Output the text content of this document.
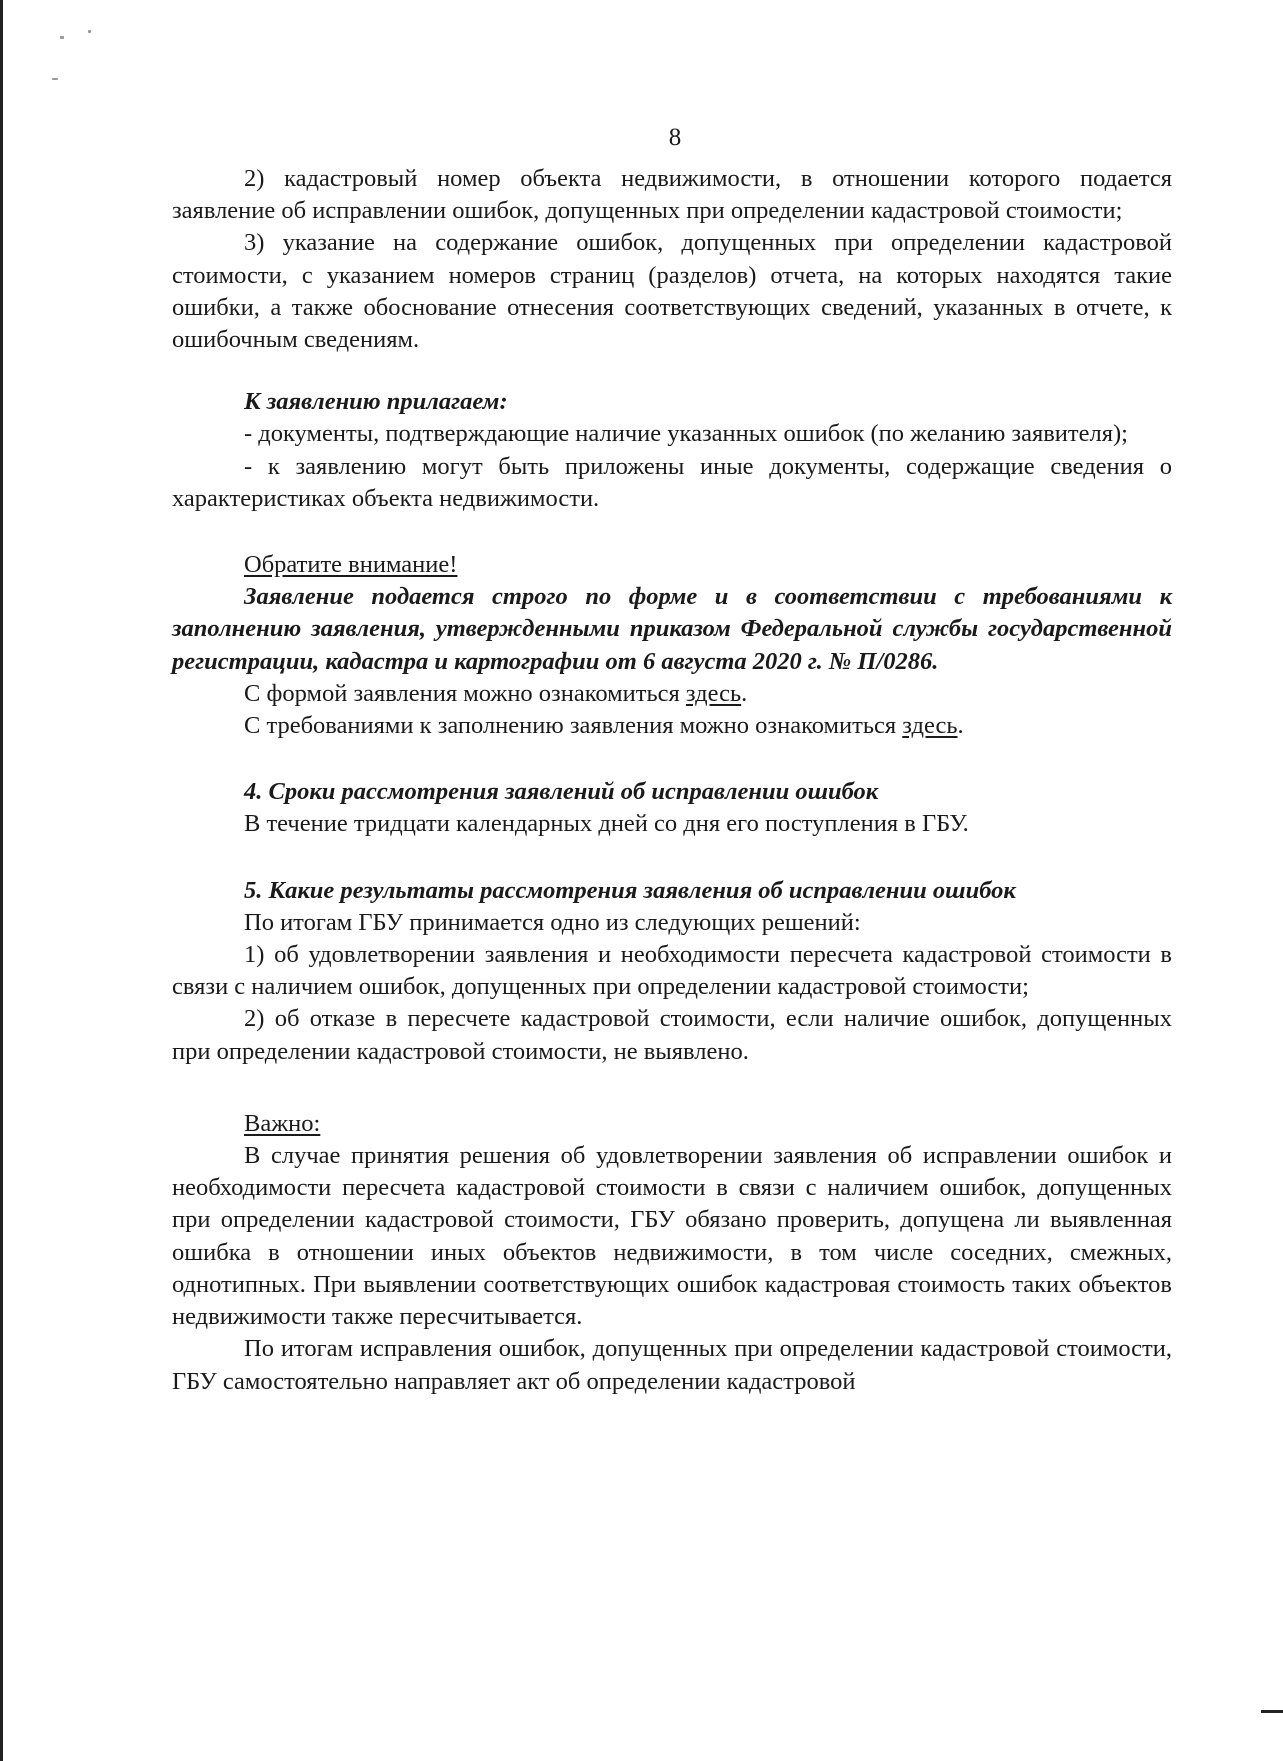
8

2) кадастровый номер объекта недвижимости, в отношении которого подается заявление об исправлении ошибок, допущенных при определении кадастровой стоимости;

3) указание на содержание ошибок, допущенных при определении кадастровой стоимости, с указанием номеров страниц (разделов) отчета, на которых находятся такие ошибки, а также обоснование отнесения соответствующих сведений, указанных в отчете, к ошибочным сведениям.

К заявлению прилагаем:

- документы, подтверждающие наличие указанных ошибок (по желанию заявителя);

- к заявлению могут быть приложены иные документы, содержащие сведения о характеристиках объекта недвижимости.

Обратите внимание!

Заявление подается строго по форме и в соответствии с требованиями к заполнению заявления, утвержденными приказом Федеральной службы государственной регистрации, кадастра и картографии от 6 августа 2020 г. № П/0286.

С формой заявления можно ознакомиться здесь.

С требованиями к заполнению заявления можно ознакомиться здесь.

4. Сроки рассмотрения заявлений об исправлении ошибок

В течение тридцати календарных дней со дня его поступления в ГБУ.

5. Какие результаты рассмотрения заявления об исправлении ошибок

По итогам ГБУ принимается одно из следующих решений:

1) об удовлетворении заявления и необходимости пересчета кадастровой стоимости в связи с наличием ошибок, допущенных при определении кадастровой стоимости;

2) об отказе в пересчете кадастровой стоимости, если наличие ошибок, допущенных при определении кадастровой стоимости, не выявлено.

Важно:

В случае принятия решения об удовлетворении заявления об исправлении ошибок и необходимости пересчета кадастровой стоимости в связи с наличием ошибок, допущенных при определении кадастровой стоимости, ГБУ обязано проверить, допущена ли выявленная ошибка в отношении иных объектов недвижимости, в том числе соседних, смежных, однотипных. При выявлении соответствующих ошибок кадастровая стоимость таких объектов недвижимости также пересчитывается.

По итогам исправления ошибок, допущенных при определении кадастровой стоимости, ГБУ самостоятельно направляет акт об определении кадастровой
